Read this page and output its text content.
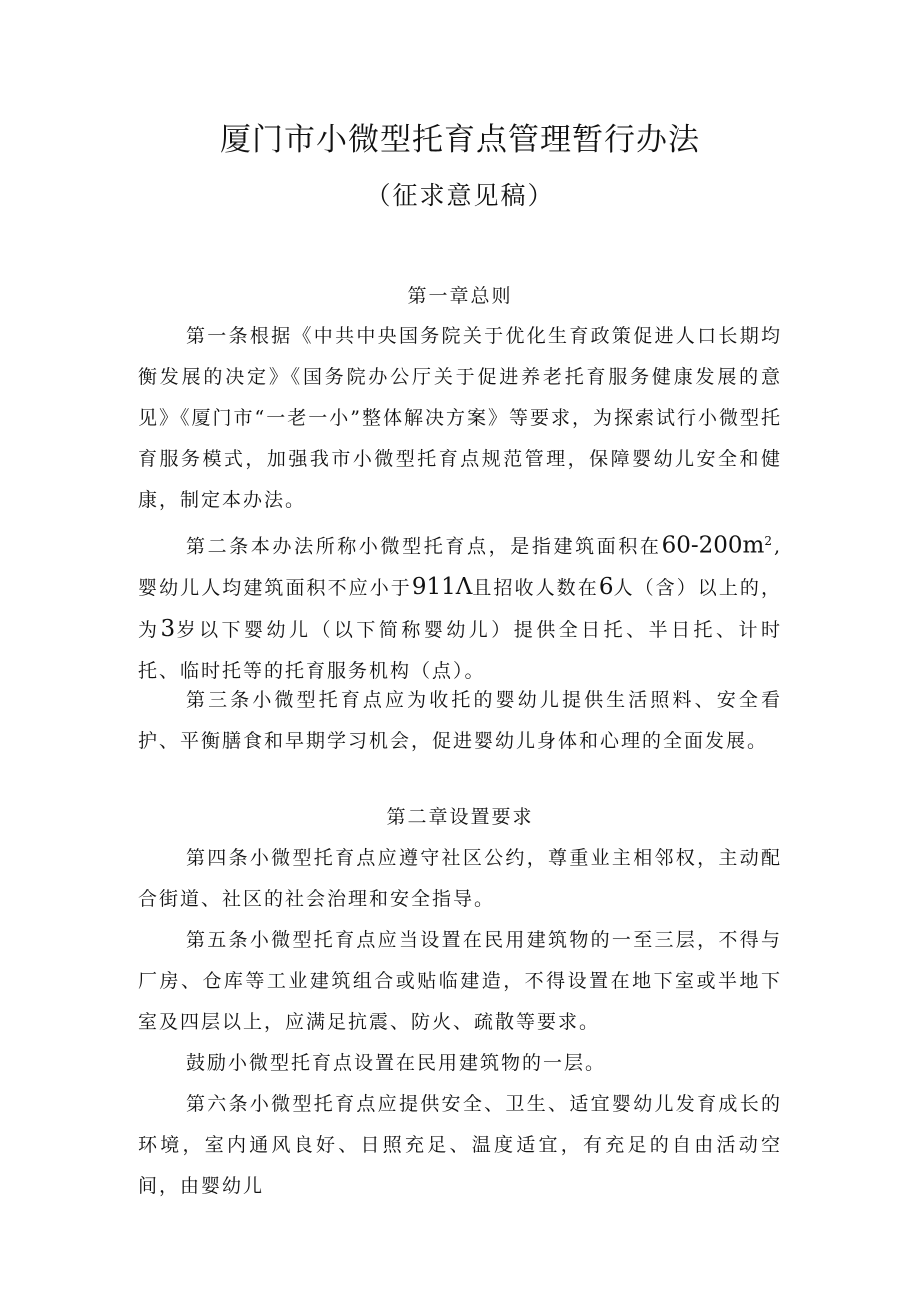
厦门市小微型托育点管理暂行办法
（征求意见稿）
第一章总则

第一条根据《中共中央国务院关于优化生育政策促进人口长期均衡发展的决定》《国务院办公厅关于促进养老托育服务健康发展的意见》《厦门市“一老一小”整体解决方案》等要求，为探索试行小微型托育服务模式，加强我市小微型托育点规范管理，保障婴幼儿安全和健康，制定本办法。

第二条本办法所称小微型托育点，是指建筑面积在$60-200m^2$,婴幼儿人均建筑面积不应小于911Λ且招收人数在6人（含）以上的，为3岁以下婴幼儿（以下简称婴幼儿）提供全日托、半日托、计时托、临时托等的托育服务机构（点）。

第三条小微型托育点应为收托的婴幼儿提供生活照料、安全看护、平衡膳食和早期学习机会，促进婴幼儿身体和心理的全面发展。

第二章设置要求

第四条小微型托育点应遵守社区公约，尊重业主相邻权，主动配合街道、社区的社会治理和安全指导。

第五条小微型托育点应当设置在民用建筑物的一至三层，不得与厂房、仓库等工业建筑组合或贴临建造，不得设置在地下室或半地下室及四层以上，应满足抗震、防火、疏散等要求。

鼓励小微型托育点设置在民用建筑物的一层。

第六条小微型托育点应提供安全、卫生、适宜婴幼儿发育成长的环境，室内通风良好、日照充足、温度适宜，有充足的自由活动空间，由婴幼儿
